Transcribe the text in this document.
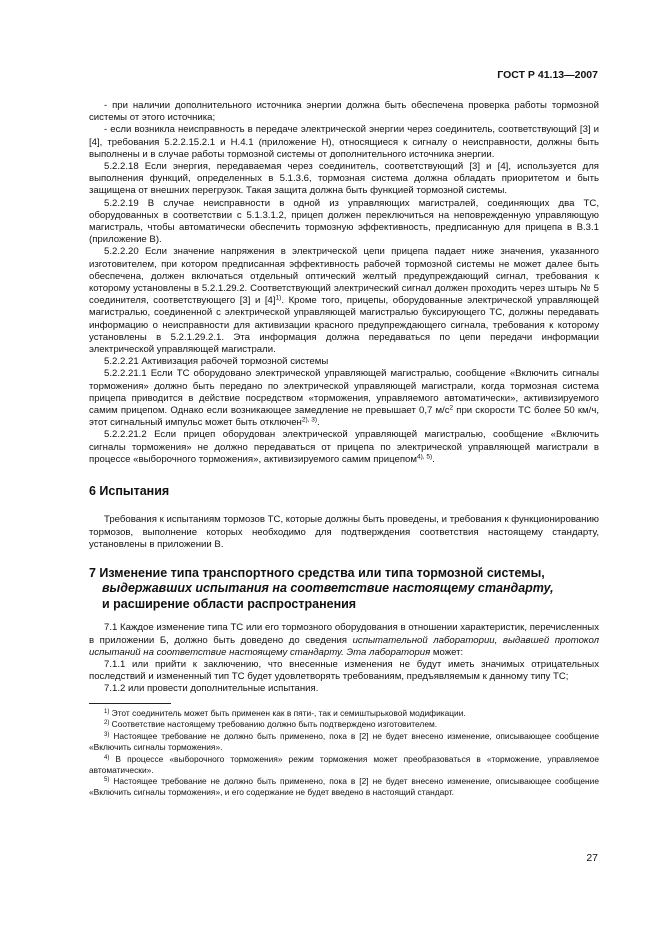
ГОСТ Р 41.13—2007

- при наличии дополнительного источника энергии должна быть обеспечена проверка работы тормозной системы от этого источника;

- если возникла неисправность в передаче электрической энергии через соединитель, соответствующий [3] и [4], требования 5.2.2.15.2.1 и Н.4.1 (приложение Н), относящиеся к сигналу о неисправности, должны быть выполнены и в случае работы тормозной системы от дополнительного источника энергии.

5.2.2.18 Если энергия, передаваемая через соединитель, соответствующий [3] и [4], используется для выполнения функций, определенных в 5.1.3.6, тормозная система должна обладать приоритетом и быть защищена от внешних перегрузок. Такая защита должна быть функцией тормозной системы.

5.2.2.19 В случае неисправности в одной из управляющих магистралей, соединяющих два ТС, оборудованных в соответствии с 5.1.3.1.2, прицеп должен переключиться на неповрежденную управляющую магистраль, чтобы автоматически обеспечить тормозную эффективность, предписанную для прицепа в В.3.1 (приложение В).

5.2.2.20 Если значение напряжения в электрической цепи прицепа падает ниже значения, указанного изготовителем, при котором предписанная эффективность рабочей тормозной системы не может далее быть обеспечена, должен включаться отдельный оптический желтый предупреждающий сигнал, требования к которому установлены в 5.2.1.29.2. Соответствующий электрический сигнал должен проходить через штырь № 5 соединителя, соответствующего [3] и $[4]^{1)}$. Кроме того, прицепы, оборудованные электрической управляющей магистралью, соединенной с электрической управляющей магистралью буксирующего ТС, должны передавать информацию о неисправности для активизации красного предупреждающего сигнала, требования к которому установлены в 5.2.1.29.2.1. Эта информация должна передаваться по цепи передачи информации электрической управляющей магистрали.

5.2.2.21 Активизация рабочей тормозной системы

5.2.2.21.1 Если ТС оборудовано электрической управляющей магистралью, сообщение «Включить сигналы торможения» должно быть передано по электрической управляющей магистрали, когда тормозная система прицепа приводится в действие посредством «торможения, управляемого автоматически», активизируемого самим прицепом. Однако если возникающее замедление не превышает 0,7 $м/с^2$ при скорости ТС более 50 км/ч, этот сигнальный импульс может быть отключен$^{2), 3)}$.

5.2.2.21.2 Если прицеп оборудован электрической управляющей магистралью, сообщение «Включить сигналы торможения» не должно передаваться от прицепа по электрической управляющей магистрали в процессе «выборочного торможения», активизируемого самим прицепом$^{4), 5)}$.

6 Испытания

Требования к испытаниям тормозов ТС, которые должны быть проведены, и требования к функционированию тормозов, выполнение которых необходимо для подтверждения соответствия настоящему стандарту, установлены в приложении В.

7 Изменение типа транспортного средства или типа тормозной системы,
выдержавших испытания на соответствие настоящему стандарту,
и расширение области распространения

7.1 Каждое изменение типа ТС или его тормозного оборудования в отношении характеристик, перечисленных в приложении Б, должно быть доведено до сведения испытательной лаборатории, выдавшей протокол испытаний на соответствие настоящему стандарту. Эта лаборатория может:

7.1.1 или прийти к заключению, что внесенные изменения не будут иметь значимых отрицательных последствий и измененный тип ТС будет удовлетворять требованиям, предъявляемым к данному типу ТС;

7.1.2 или провести дополнительные испытания.

$^{1)}$ Этот соединитель может быть применен как в пяти-, так и семиштырьковой модификации.

$^{2)}$ Соответствие настоящему требованию должно быть подтверждено изготовителем.

$^{3)}$ Настоящее требование не должно быть применено, пока в [2] не будет внесено изменение, описывающее сообщение «Включить сигналы торможения».

$^{4)}$ В процессе «выборочного торможения» режим торможения может преобразоваться в «торможение, управляемое автоматически».

$^{5)}$ Настоящее требование не должно быть применено, пока в [2] не будет внесено изменение, описывающее сообщение «Включить сигналы торможения», и его содержание не будет введено в настоящий стандарт.

27
